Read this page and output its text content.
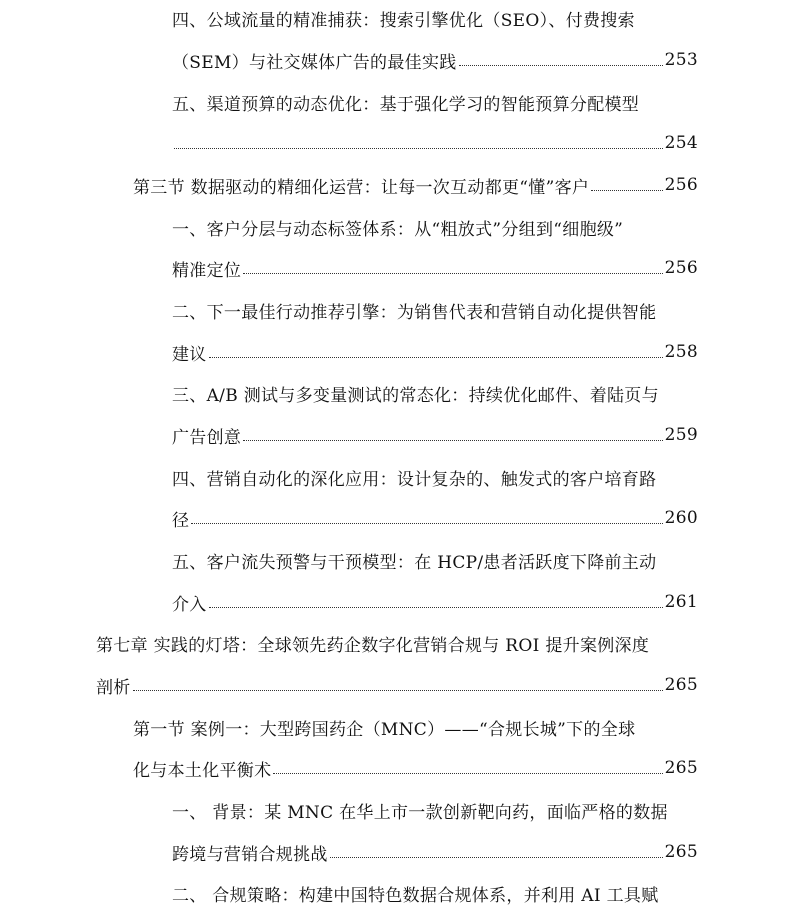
四、公域流量的精准捕获：搜索引擎优化（SEO）、付费搜索
（SEM）与社交媒体广告的最佳实践	253
五、渠道预算的动态优化：基于强化学习的智能预算分配模型
254
第三节 数据驱动的精细化运营：让每一次互动都更“懂”客户	256
一、客户分层与动态标签体系：从“粗放式”分组到“细胞级”
精准定位	256
二、下一最佳行动推荐引擎：为销售代表和营销自动化提供智能
建议	258
三、A/B 测试与多变量测试的常态化：持续优化邮件、着陆页与
广告创意	259
四、营销自动化的深化应用：设计复杂的、触发式的客户培育路
径	260
五、客户流失预警与干预模型：在 HCP/患者活跃度下降前主动
介入	261
第七章 实践的灯塔：全球领先药企数字化营销合规与 ROI 提升案例深度
剖析	265
第一节 案例一：大型跨国药企（MNC）——“合规长城”下的全球
化与本土化平衡术	265
一、 背景：某 MNC 在华上市一款创新靶向药，面临严格的数据
跨境与营销合规挑战	265
二、 合规策略：构建中国特色数据合规体系，并利用 AI 工具赋
